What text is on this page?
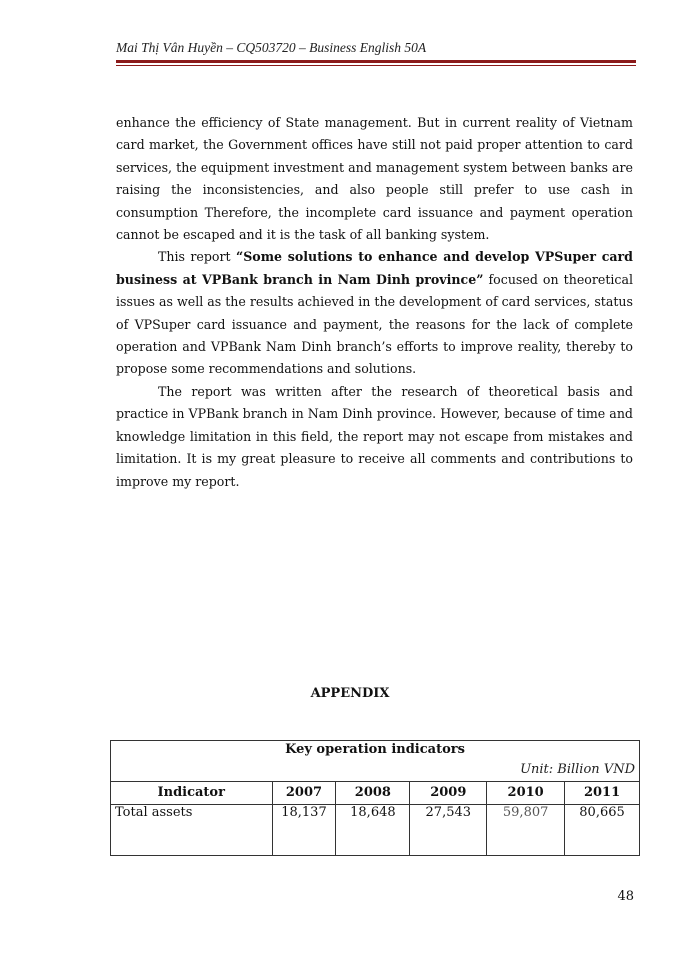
Mai Thị Vân Huyền – CQ503720 – Business English 50A

enhance the efficiency of State management. But in current reality of Vietnam card market, the Government offices have still not paid proper attention to card services, the equipment investment and management system between banks are raising the inconsistencies, and also people still prefer to use cash in consumption Therefore, the incomplete card issuance and payment operation cannot be escaped and it is the task of all banking system.

This report “Some solutions to enhance and develop VPSuper card business at VPBank branch in Nam Dinh province” focused on theoretical issues as well as the results achieved in the development of card services, status of VPSuper card issuance and payment, the reasons for the lack of complete operation and VPBank Nam Dinh branch’s efforts to improve reality, thereby to propose some recommendations and solutions.

The report was written after the research of theoretical basis and practice in VPBank branch in Nam Dinh province. However, because of time and knowledge limitation in this field, the report may not escape from mistakes and limitation. It is my great pleasure to receive all comments and contributions to improve my report.

APPENDIX
Key operation indicators
Unit: Billion VND					

Indicator	2007	2008	2009	2010	2011
Total assets	18,137	18,648	27,543	59,807	80,665
48
